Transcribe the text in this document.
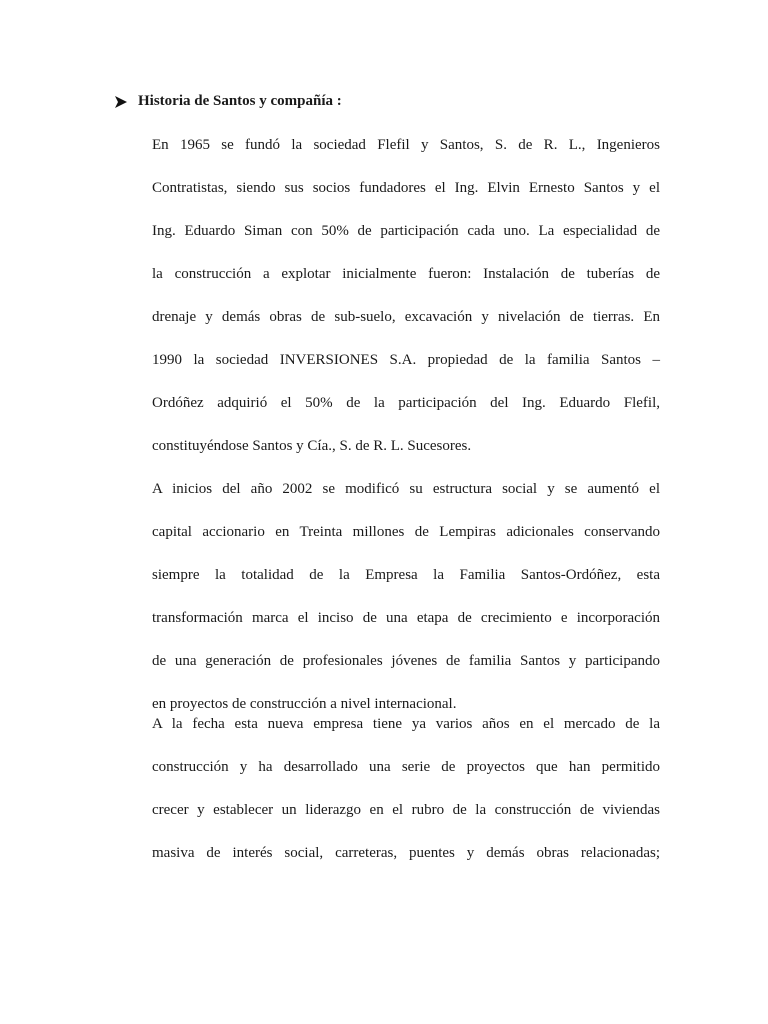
Historia de Santos y compañía :
En 1965 se fundó la sociedad Flefil y Santos, S. de R. L., Ingenieros
Contratistas, siendo sus socios fundadores el Ing. Elvin Ernesto Santos y el
Ing. Eduardo Siman con 50% de participación cada uno. La especialidad de
la construcción a explotar inicialmente fueron: Instalación de tuberías de
drenaje y demás obras de sub-suelo, excavación y nivelación de tierras. En
1990 la sociedad INVERSIONES S.A. propiedad de la familia Santos –
Ordóñez adquirió el 50% de la participación del Ing. Eduardo Flefil,
constituyéndose Santos y Cía., S. de R. L. Sucesores.
A inicios del año 2002 se modificó su estructura social y se aumentó el
capital accionario en Treinta millones de Lempiras adicionales conservando
siempre la totalidad de la Empresa la Familia Santos-Ordóñez, esta
transformación marca el inciso de una etapa de crecimiento e incorporación
de una generación de profesionales jóvenes de familia Santos y participando
en proyectos de construcción a nivel internacional.
A la fecha esta nueva empresa tiene ya varios años en el mercado de la
construcción y ha desarrollado una serie de proyectos que han permitido
crecer y establecer un liderazgo en el rubro de la construcción de viviendas
masiva de interés social, carreteras, puentes y demás obras relacionadas;
